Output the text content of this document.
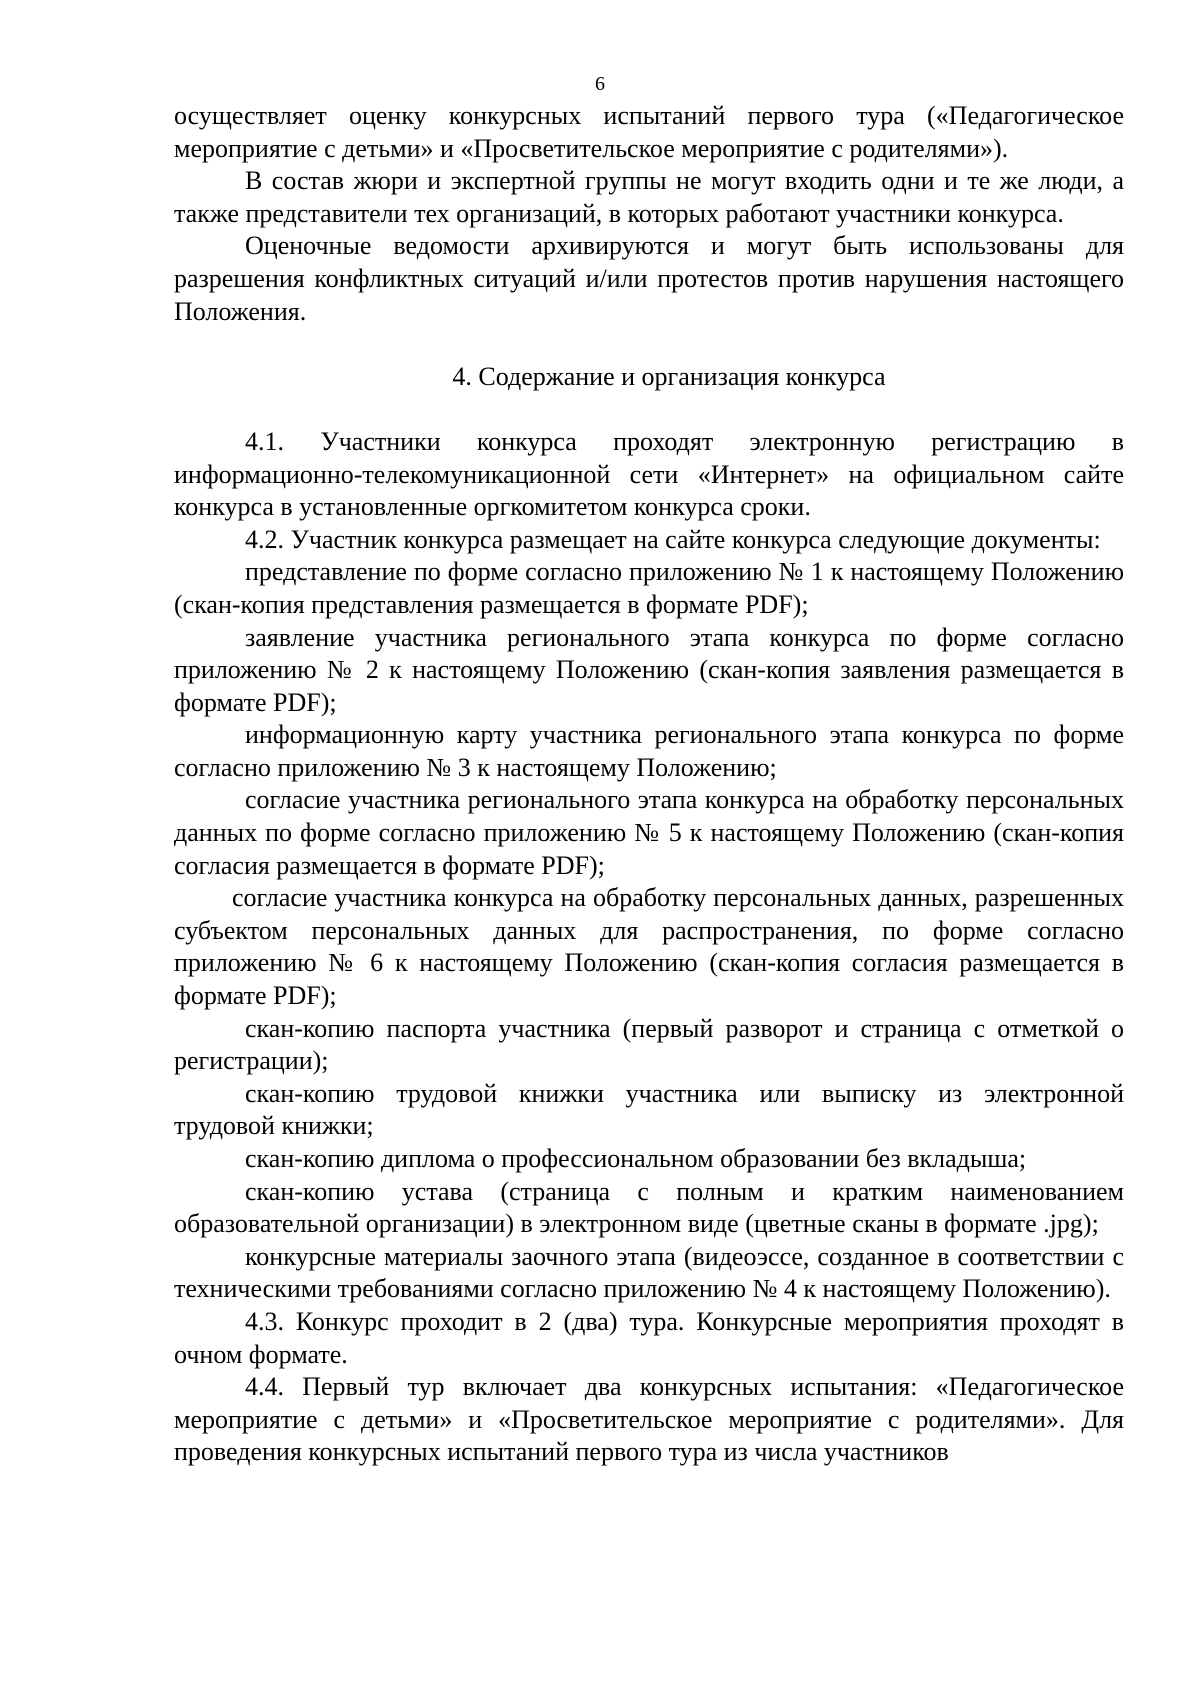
6

осуществляет оценку конкурсных испытаний первого тура («Педагогическое мероприятие с детьми» и «Просветительское мероприятие с родителями»).

В состав жюри и экспертной группы не могут входить одни и те же люди, а также представители тех организаций, в которых работают участники конкурса.

Оценочные ведомости архивируются и могут быть использованы для разрешения конфликтных ситуаций и/или протестов против нарушения настоящего Положения.

4. Содержание и организация конкурса

4.1. Участники конкурса проходят электронную регистрацию в информационно-телекомуникационной сети «Интернет» на официальном сайте конкурса в установленные оргкомитетом конкурса сроки.

4.2. Участник конкурса размещает на сайте конкурса следующие документы:

представление по форме согласно приложению № 1 к настоящему Положению (скан-копия представления размещается в формате PDF);

заявление участника регионального этапа конкурса по форме согласно приложению № 2 к настоящему Положению (скан-копия заявления размещается в формате PDF);

информационную карту участника регионального этапа конкурса по форме согласно приложению № 3 к настоящему Положению;

согласие участника регионального этапа конкурса на обработку персональных данных по форме согласно приложению № 5 к настоящему Положению (скан-копия согласия размещается в формате PDF);

согласие участника конкурса на обработку персональных данных, разрешенных субъектом персональных данных для распространения, по форме согласно приложению № 6 к настоящему Положению (скан-копия согласия размещается в формате PDF);

скан-копию паспорта участника (первый разворот и страница с отметкой о регистрации);

скан-копию трудовой книжки участника или выписку из электронной трудовой книжки;

скан-копию диплома о профессиональном образовании без вкладыша;

скан-копию устава (страница с полным и кратким наименованием образовательной организации) в электронном виде (цветные сканы в формате .jpg);

конкурсные материалы заочного этапа (видеоэссе, созданное в соответствии с техническими требованиями согласно приложению № 4 к настоящему Положению).

4.3. Конкурс проходит в 2 (два) тура. Конкурсные мероприятия проходят в очном формате.

4.4. Первый тур включает два конкурсных испытания: «Педагогическое мероприятие с детьми» и «Просветительское мероприятие с родителями». Для проведения конкурсных испытаний первого тура из числа участников
